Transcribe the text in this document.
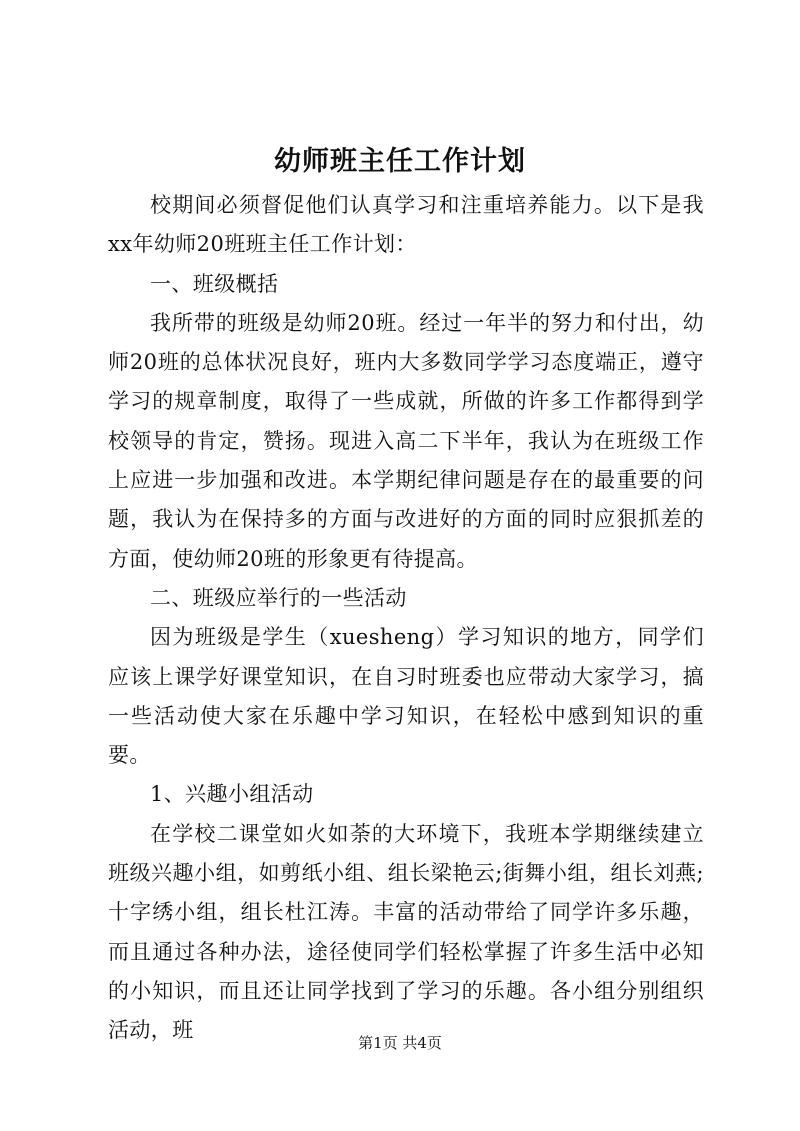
幼师班主任工作计划

校期间必须督促他们认真学习和注重培养能力。以下是我xx年幼师20班班主任工作计划：

一、班级概括

我所带的班级是幼师20班。经过一年半的努力和付出，幼师20班的总体状况良好，班内大多数同学学习态度端正，遵守学习的规章制度，取得了一些成就，所做的许多工作都得到学校领导的肯定，赞扬。现进入高二下半年，我认为在班级工作上应进一步加强和改进。本学期纪律问题是存在的最重要的问题，我认为在保持多的方面与改进好的方面的同时应狠抓差的方面，使幼师20班的形象更有待提高。

二、班级应举行的一些活动

因为班级是学生（xuesheng）学习知识的地方，同学们应该上课学好课堂知识，在自习时班委也应带动大家学习，搞一些活动使大家在乐趣中学习知识，在轻松中感到知识的重要。

1、兴趣小组活动

在学校二课堂如火如荼的大环境下，我班本学期继续建立班级兴趣小组，如剪纸小组、组长梁艳云;街舞小组，组长刘燕;十字绣小组，组长杜江涛。丰富的活动带给了同学许多乐趣，而且通过各种办法，途径使同学们轻松掌握了许多生活中必知的小知识，而且还让同学找到了学习的乐趣。各小组分别组织活动，班

第1页 共4页
